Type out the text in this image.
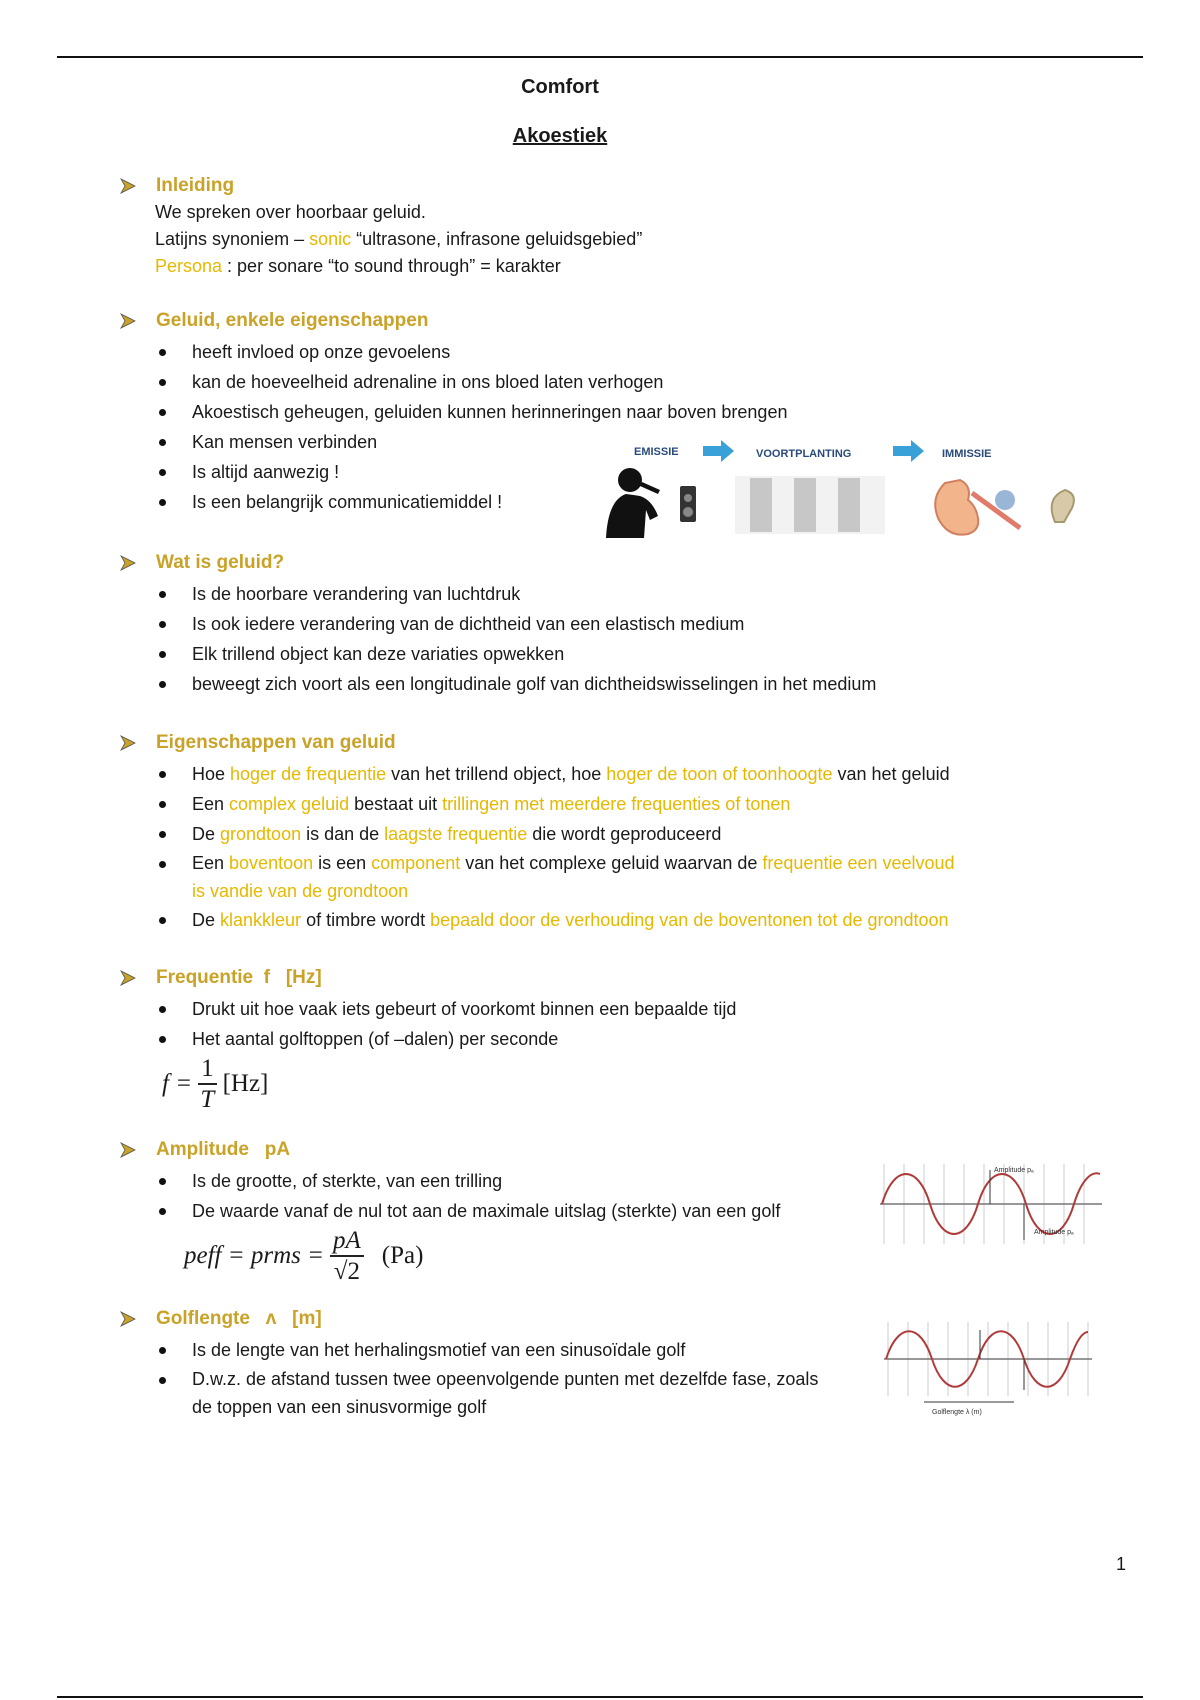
Comfort
Akoestiek
Inleiding
We spreken over hoorbaar geluid.
Latijns synoniem – sonic “ultrasone, infrasone geluidsgebied”
Persona : per sonare “to sound through” = karakter
Geluid, enkele eigenschappen
heeft invloed op onze gevoelens
kan de hoeveelheid adrenaline in ons bloed laten verhogen
Akoestisch geheugen, geluiden kunnen herinneringen naar boven brengen
Kan mensen verbinden
Is altijd aanwezig !
Is een belangrijk communicatiemiddel !
EMISSIE	VOORTPLANTING	IMMISSIE
Wat is geluid?
Is de hoorbare verandering van luchtdruk
Is ook iedere verandering van de dichtheid van een elastisch medium
Elk trillend object kan deze variaties opwekken
beweegt zich voort als een longitudinale golf van dichtheidswisselingen in het medium
Eigenschappen van geluid
Hoe hoger de frequentie van het trillend object, hoe hoger de toon of toonhoogte van het geluid
Een complex geluid bestaat uit trillingen met meerdere frequenties of tonen
De grondtoon is dan de laagste frequentie die wordt geproduceerd
Een boventoon is een component van het complexe geluid waarvan de frequentie een veelvoud
is vandie van de grondtoon
De klankkleur of timbre wordt bepaald door de verhouding van de boventonen tot de grondtoon
Frequentie  f   [Hz]
Drukt uit hoe vaak iets gebeurt of voorkomt binnen een bepaalde tijd
Het aantal golftoppen (of –dalen) per seconde
$f = \frac{1}{T} [Hz]$
Amplitude   pA
Is de grootte, of sterkte, van een trilling
De waarde vanaf de nul tot aan de maximale uitslag (sterkte) van een golf
peff = prms = $\frac{pA}{√2} (Pa)$
Amplitude pₐ
Amplitude pₐ
Golflengte   ʌ   [m]
Is de lengte van het herhalingsmotief van een sinusoïdale golf
D.w.z. de afstand tussen twee opeenvolgende punten met dezelfde fase, zoals de toppen van een sinusvormige golf	Golflengte λ (m)
1
